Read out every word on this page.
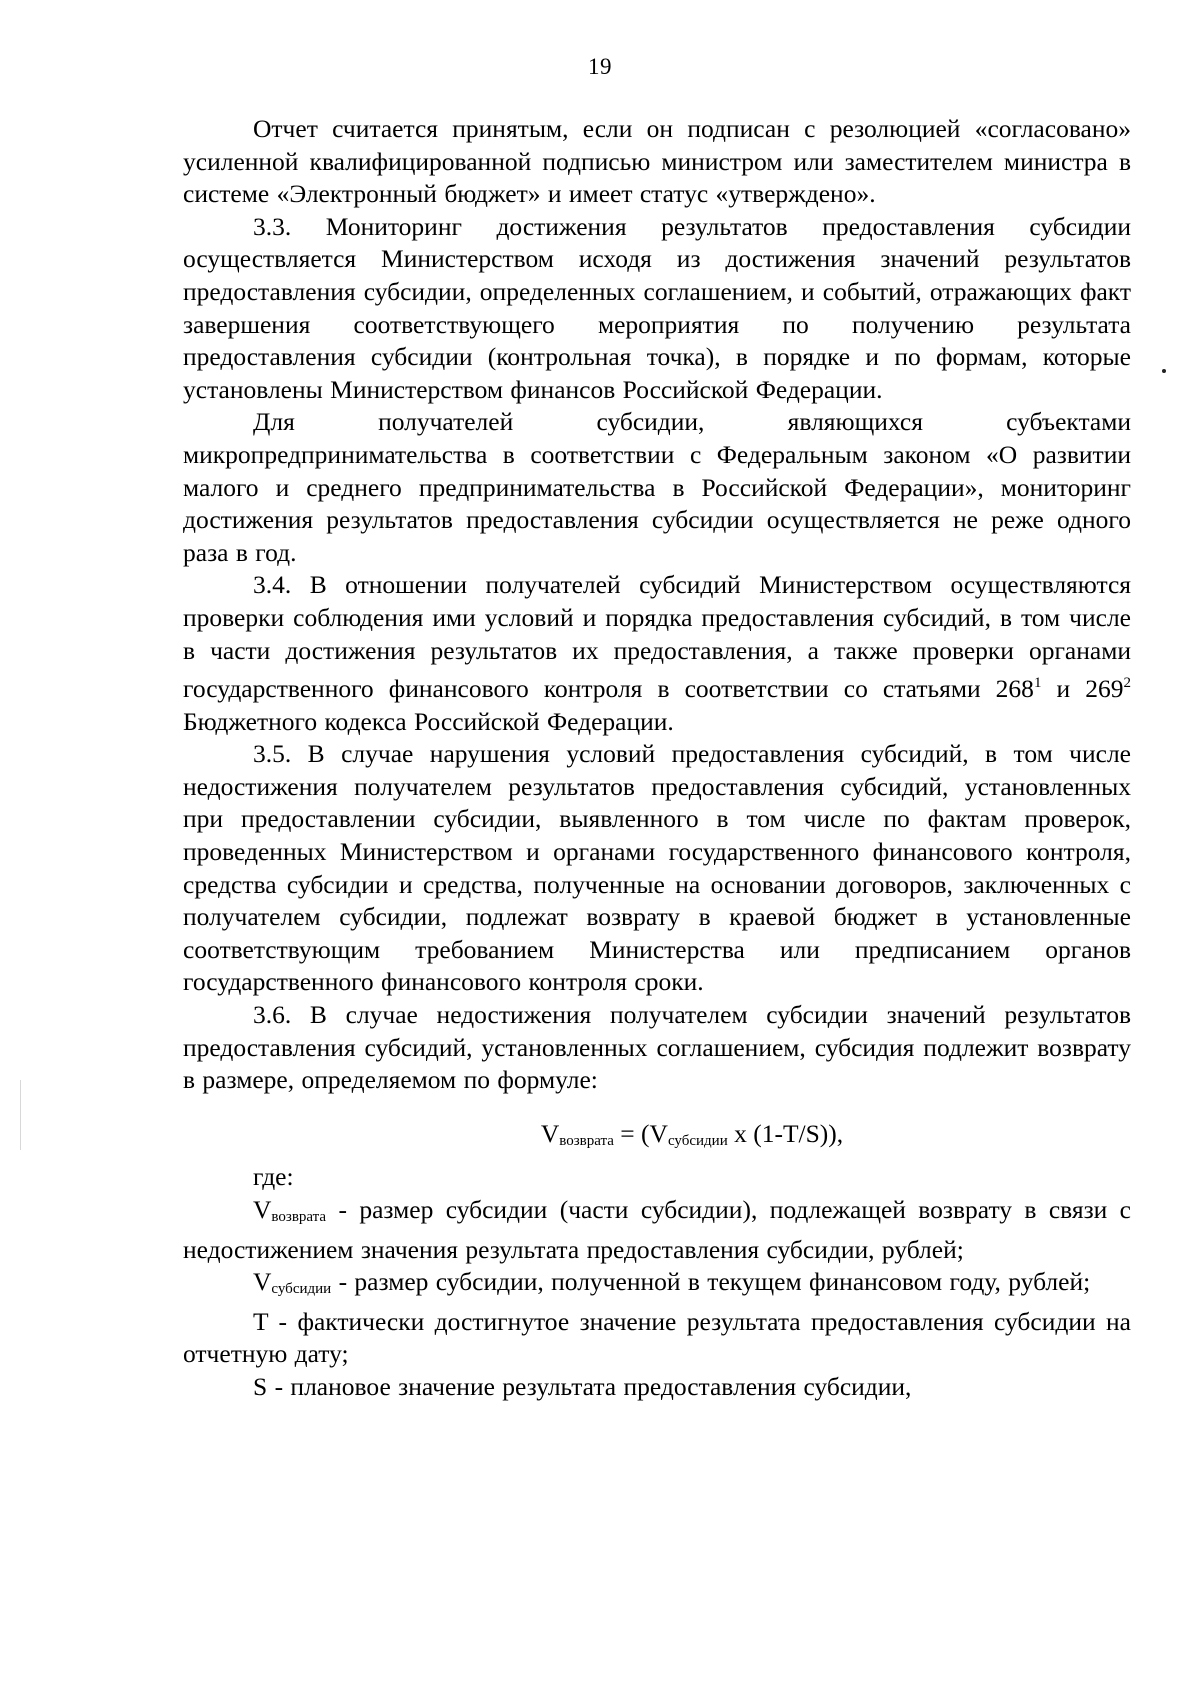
19

Отчет считается принятым, если он подписан с резолюцией «согласовано» усиленной квалифицированной подписью министром или заместителем министра в системе «Электронный бюджет» и имеет статус «утверждено».

3.3. Мониторинг достижения результатов предоставления субсидии осуществляется Министерством исходя из достижения значений результатов предоставления субсидии, определенных соглашением, и событий, отражающих факт завершения соответствующего мероприятия по получению результата предоставления субсидии (контрольная точка), в порядке и по формам, которые установлены Министерством финансов Российской Федерации.

Для получателей субсидии, являющихся субъектами микропредпринимательства в соответствии с Федеральным законом «О развитии малого и среднего предпринимательства в Российской Федерации», мониторинг достижения результатов предоставления субсидии осуществляется не реже одного раза в год.

3.4. В отношении получателей субсидий Министерством осуществляются проверки соблюдения ими условий и порядка предоставления субсидий, в том числе в части достижения результатов их предоставления, а также проверки органами государственного финансового контроля в соответствии со статьями $268^1$ и $269^2$ Бюджетного кодекса Российской Федерации.

3.5. В случае нарушения условий предоставления субсидий, в том числе недостижения получателем результатов предоставления субсидий, установленных при предоставлении субсидии, выявленного в том числе по фактам проверок, проведенных Министерством и органами государственного финансового контроля, средства субсидии и средства, полученные на основании договоров, заключенных с получателем субсидии, подлежат возврату в краевой бюджет в установленные соответствующим требованием Министерства или предписанием органов государственного финансового контроля сроки.

3.6. В случае недостижения получателем субсидии значений результатов предоставления субсидий, установленных соглашением, субсидия подлежит возврату в размере, определяемом по формуле:

$V_{возврата} = (V_{субсидии}$ x (1-T/S)),

где:

$V_{возврата}$ - размер субсидии (части субсидии), подлежащей возврату в связи с недостижением значения результата предоставления субсидии, рублей;

$V_{субсидии}$ - размер субсидии, полученной в текущем финансовом году, рублей;

T - фактически достигнутое значение результата предоставления субсидии на отчетную дату;

S - плановое значение результата предоставления субсидии,
